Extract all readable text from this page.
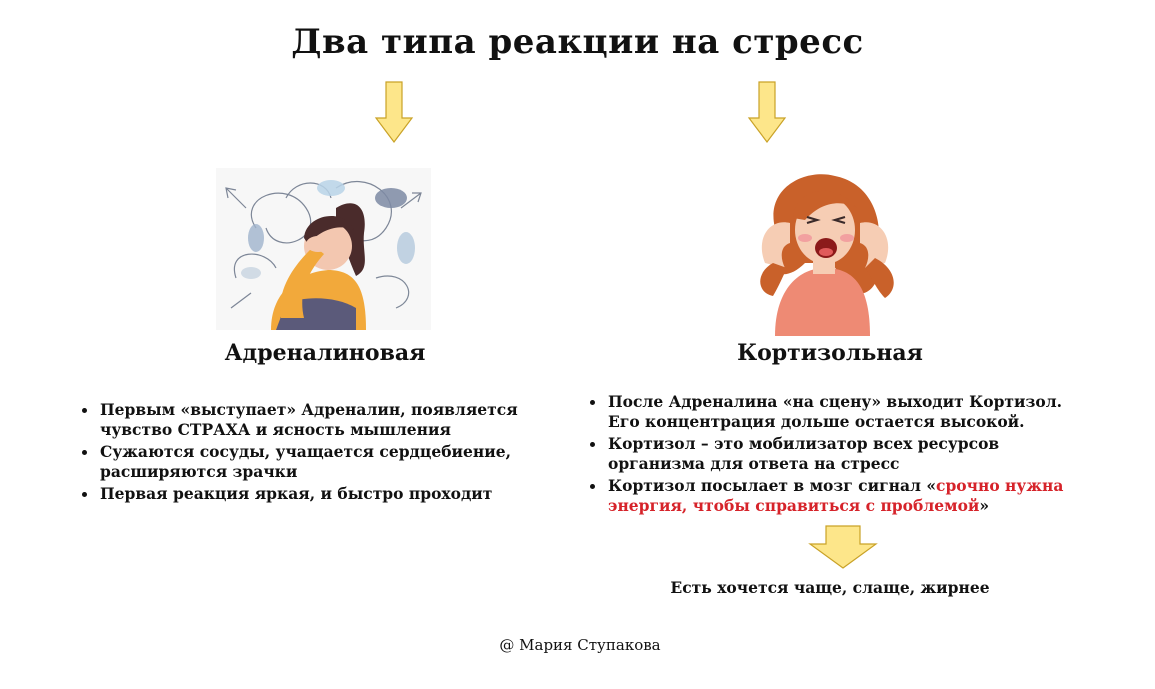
Два типа реакции на стресс
Адреналиновая	Кортизольная
Первым «выступает» Адреналин, появляется чувство СТРАХА и ясность мышления
Сужаются сосуды, учащается сердцебиение, расширяются зрачки
Первая реакция яркая, и быстро проходит
После Адреналина «на сцену» выходит Кортизол. Его концентрация дольше остается высокой.
Кортизол – это мобилизатор всех ресурсов организма для ответа на стресс
Кортизол посылает в мозг сигнал «срочно нужна энергия, чтобы справиться с проблемой»
Есть хочется чаще, слаще, жирнее
@ Мария Ступакова
